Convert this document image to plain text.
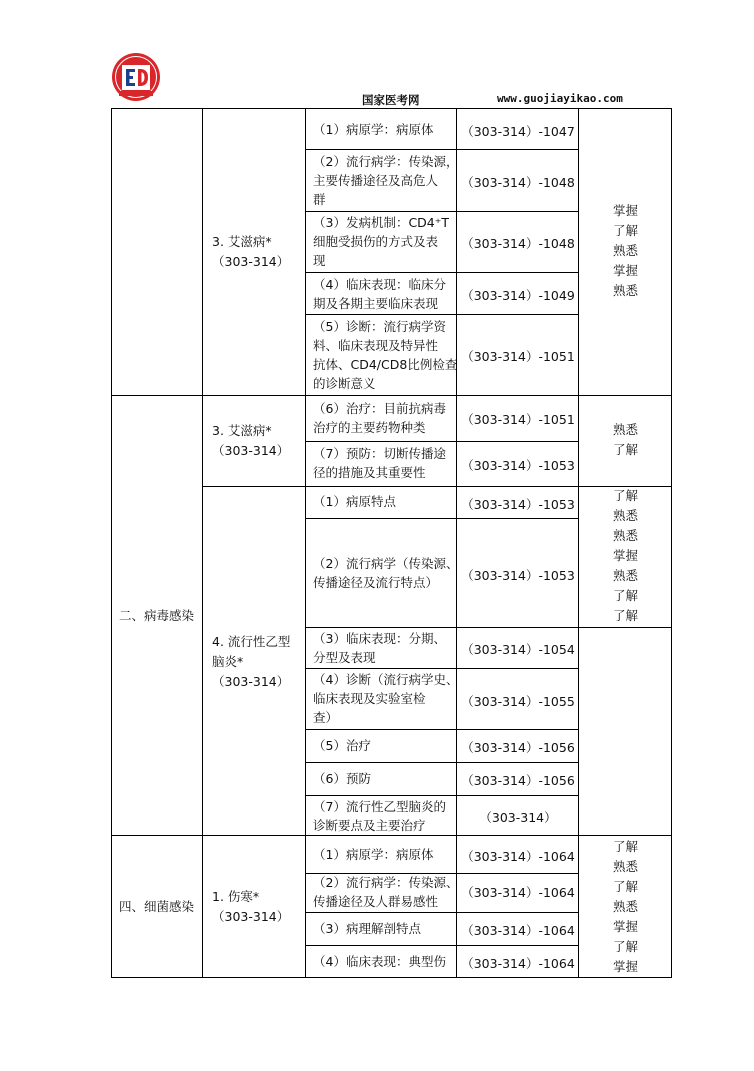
国家医考网	www.guojiayikao.com
二、病毒感染
四、细菌感染
3. 艾滋病*
（303-314）
3. 艾滋病*
（303-314）
4. 流行性乙型
脑炎*
（303-314）
1. 伤寒*
（303-314）
（1）病原学：病原体
（2）流行病学：传染源，
主要传播途径及高危人
群
（3）发病机制：CD4⁺T
细胞受损伤的方式及表
现
（4）临床表现：临床分
期及各期主要临床表现
（5）诊断：流行病学资
料、临床表现及特异性
抗体、CD4/CD8比例检查
的诊断意义
（6）治疗：目前抗病毒
治疗的主要药物种类
（7）预防：切断传播途
径的措施及其重要性
（1）病原特点
（2）流行病学（传染源、
传播途径及流行特点）
（3）临床表现：分期、
分型及表现
（4）诊断（流行病学史、
临床表现及实验室检
查）
（5）治疗
（6）预防
（7）流行性乙型脑炎的
诊断要点及主要治疗
（1）病原学：病原体
（2）流行病学：传染源、
传播途径及人群易感性
（3）病理解剖特点
（4）临床表现：典型伤
（303-314）-1047
（303-314）-1048
（303-314）-1048
（303-314）-1049
（303-314）-1051
（303-314）-1051
（303-314）-1053
（303-314）-1053
（303-314）-1053
（303-314）-1054
（303-314）-1055
（303-314）-1056
（303-314）-1056
（303-314）
（303-314）-1064
（303-314）-1064
（303-314）-1064
（303-314）-1064
掌握
了解
熟悉
掌握
熟悉
熟悉
了解
了解
熟悉
熟悉
掌握
熟悉
了解
了解
了解
熟悉
了解
熟悉
掌握
了解
掌握
